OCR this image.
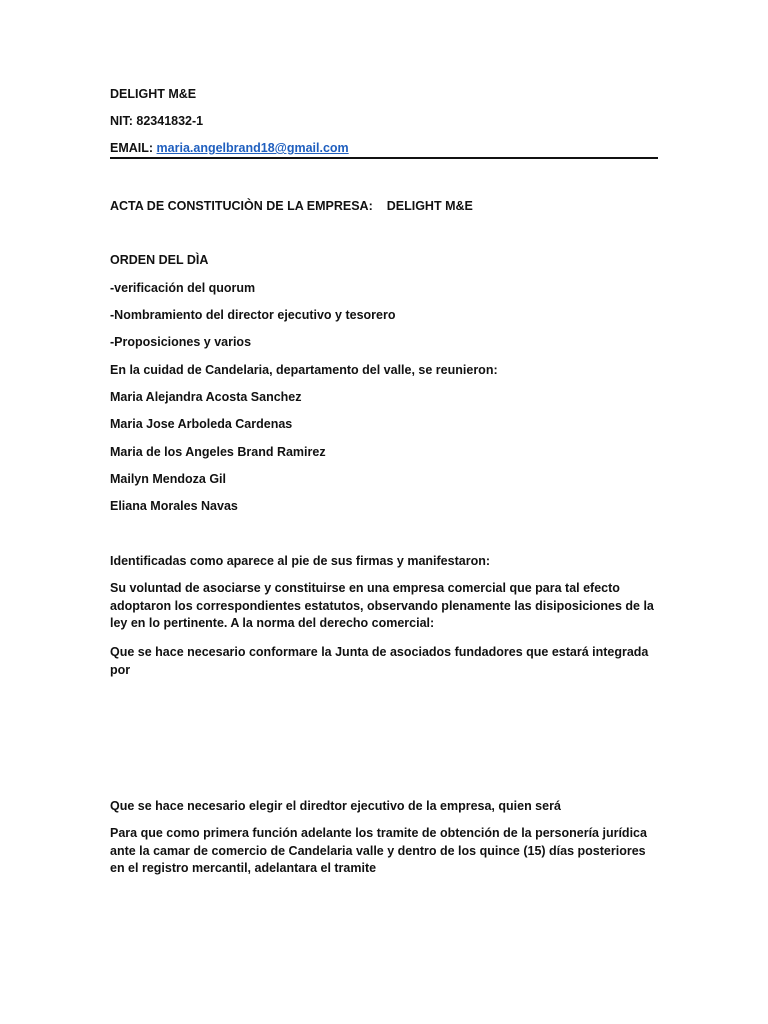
DELIGHT M&E
NIT: 82341832-1
EMAIL: maria.angelbrand18@gmail.com
ACTA DE CONSTITUCIÒN DE LA EMPRESA: DELIGHT M&E
ORDEN DEL DÌA
-verificación del quorum
-Nombramiento del director ejecutivo y tesorero
-Proposiciones y varios
En la cuidad de Candelaria, departamento del valle, se reunieron:
Maria Alejandra Acosta Sanchez
Maria Jose Arboleda Cardenas
Maria de los Angeles Brand Ramirez
Mailyn Mendoza Gil
Eliana Morales Navas
Identificadas como aparece al pie de sus firmas y manifestaron:
Su voluntad de asociarse y constituirse en una empresa comercial que para tal efecto adoptaron los correspondientes estatutos, observando plenamente las disiposiciones de la ley en lo pertinente. A la norma del derecho comercial:
Que se hace necesario conformare la Junta de asociados fundadores que estará integrada por
Que se hace necesario elegir el diredtor ejecutivo de la empresa, quien será
Para que como primera función adelante los tramite de obtención de la personería jurídica ante la camar de comercio de Candelaria valle y dentro de los quince (15) días posteriores en el registro mercantil, adelantara el tramite
